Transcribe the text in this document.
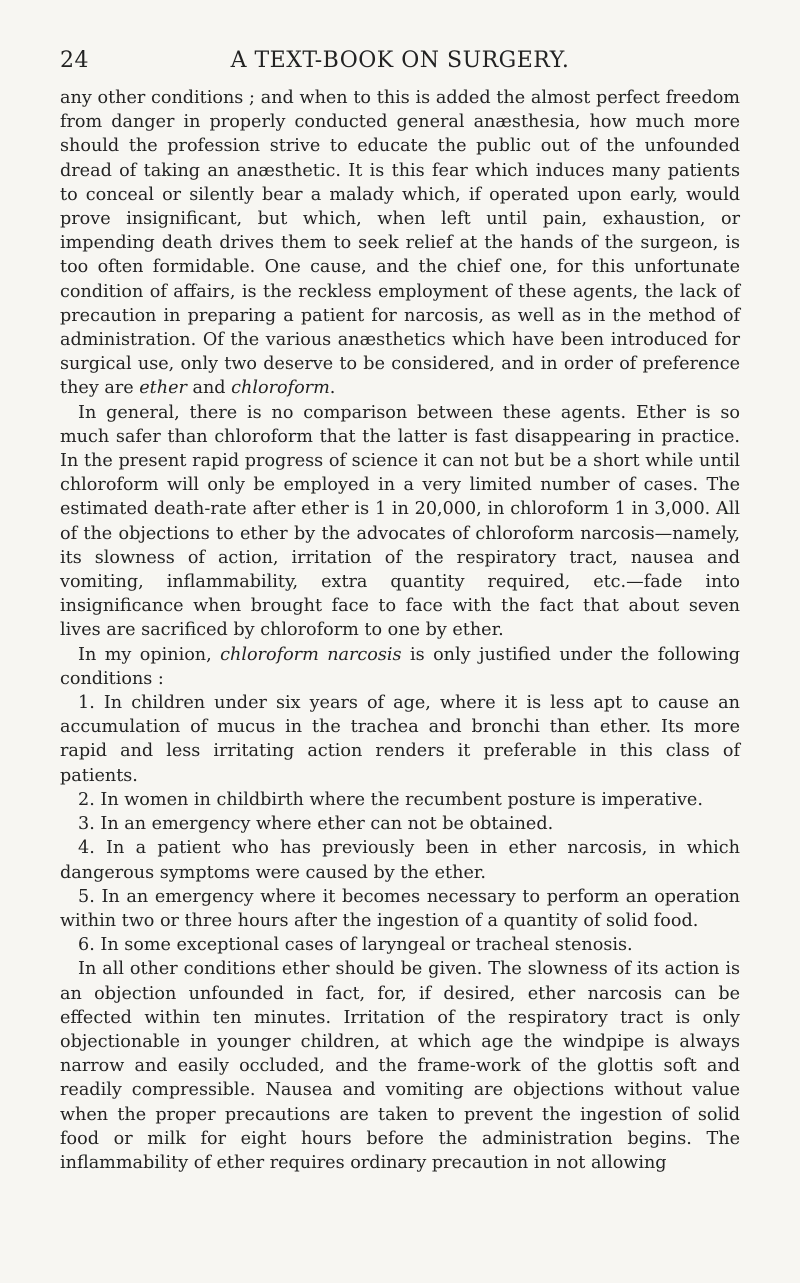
24	A TEXT-BOOK ON SURGERY.

any other conditions ; and when to this is added the almost perfect freedom from danger in properly conducted general anæsthesia, how much more should the profession strive to educate the public out of the unfounded dread of taking an anæsthetic. It is this fear which induces many patients to conceal or silently bear a malady which, if operated upon early, would prove insignificant, but which, when left until pain, exhaustion, or impending death drives them to seek relief at the hands of the surgeon, is too often formidable. One cause, and the chief one, for this unfortunate condition of affairs, is the reckless employment of these agents, the lack of precaution in preparing a patient for narcosis, as well as in the method of administration. Of the various anæsthetics which have been introduced for surgical use, only two deserve to be considered, and in order of preference they are ether and chloroform.

In general, there is no comparison between these agents. Ether is so much safer than chloroform that the latter is fast disappearing in practice. In the present rapid progress of science it can not but be a short while until chloroform will only be employed in a very limited number of cases. The estimated death-rate after ether is 1 in 20,000, in chloroform 1 in 3,000. All of the objections to ether by the advocates of chloroform narcosis—namely, its slowness of action, irritation of the respiratory tract, nausea and vomiting, inflammability, extra quantity required, etc.—fade into insignificance when brought face to face with the fact that about seven lives are sacrificed by chloroform to one by ether.

In my opinion, chloroform narcosis is only justified under the following conditions :

1. In children under six years of age, where it is less apt to cause an accumulation of mucus in the trachea and bronchi than ether. Its more rapid and less irritating action renders it preferable in this class of patients.

2. In women in childbirth where the recumbent posture is imperative.

3. In an emergency where ether can not be obtained.

4. In a patient who has previously been in ether narcosis, in which dangerous symptoms were caused by the ether.

5. In an emergency where it becomes necessary to perform an operation within two or three hours after the ingestion of a quantity of solid food.

6. In some exceptional cases of laryngeal or tracheal stenosis.

In all other conditions ether should be given. The slowness of its action is an objection unfounded in fact, for, if desired, ether narcosis can be effected within ten minutes. Irritation of the respiratory tract is only objectionable in younger children, at which age the windpipe is always narrow and easily occluded, and the frame-work of the glottis soft and readily compressible. Nausea and vomiting are objections without value when the proper precautions are taken to prevent the ingestion of solid food or milk for eight hours before the administration begins. The inflammability of ether requires ordinary precaution in not allowing
